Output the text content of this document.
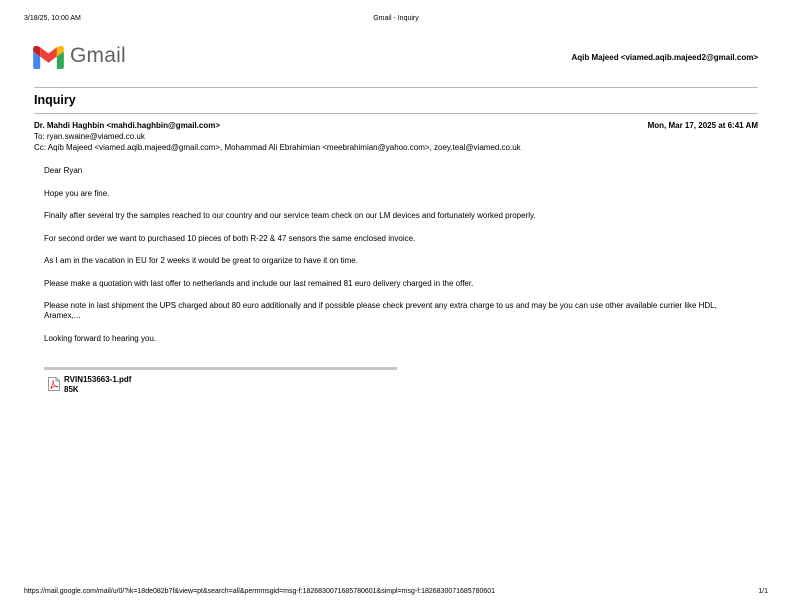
3/18/25, 10:00 AM	Gmail - Inquiry
Gmail	Aqib Majeed <viamed.aqib.majeed2@gmail.com>
Inquiry
Dr. Mahdi Haghbin <mahdi.haghbin@gmail.com>	Mon, Mar 17, 2025 at 6:41 AM
To: ryan.swaine@viamed.co.uk
Cc: Aqib Majeed <viamed.aqib.majeed@gmail.com>, Mohammad Ali Ebrahimian <meebrahimian@yahoo.com>, zoey.teal@viamed.co.uk

Dear Ryan

Hope you are fine.

Finally after several try the samples reached to our country and our service team check on our LM devices and fortunately worked properly.

For second order we want to purchased 10 pieces of both R-22 & 47 sensors the same enclosed invoice.

As I am in the vacation in EU for 2 weeks it would be great to organize to have it on time.

Please make a quotation with last offer to netherlands and include our last remained 81 euro delivery charged in the offer.

Please note in last shipment the UPS charged about 80 euro additionally and if possible please check prevent any extra charge to us and may be you can use other available currier like HDL, Aramex,...

Looking forward to hearing you.

RVIN153663-1.pdf
85K
https://mail.google.com/mail/u/0/?ik=18de082b7f&view=pt&search=all&permmsgid=msg-f:1826830071685780601&simpl=msg-f:1826830071685780601	1/1
